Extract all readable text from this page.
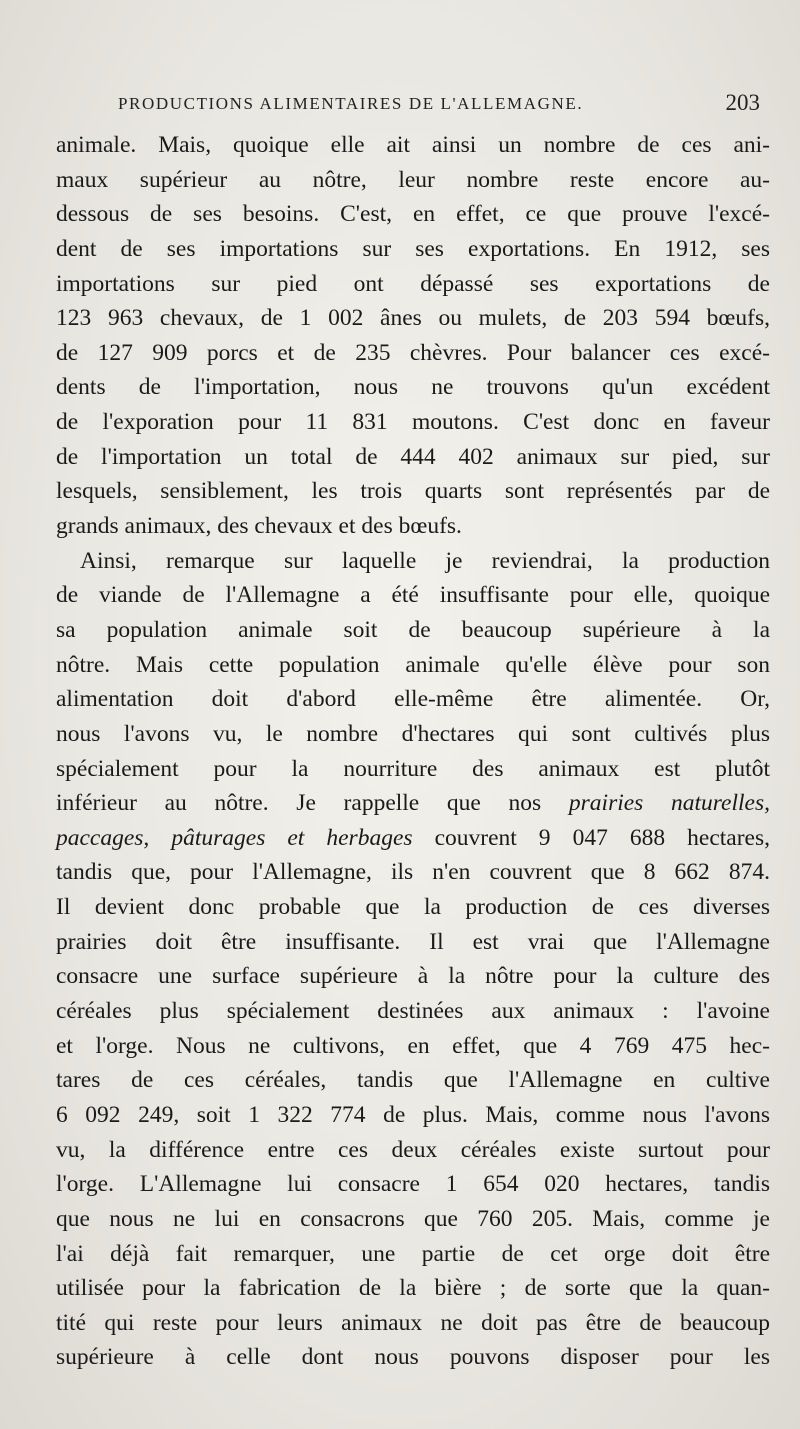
PRODUCTIONS ALIMENTAIRES DE L'ALLEMAGNE.	203
animale. Mais, quoique elle ait ainsi un nombre de ces ani-
maux supérieur au nôtre, leur nombre reste encore au-
dessous de ses besoins. C'est, en effet, ce que prouve l'excé-
dent de ses importations sur ses exportations. En 1912, ses
importations sur pied ont dépassé ses exportations de
123 963 chevaux, de 1 002 ânes ou mulets, de 203 594 bœufs,
de 127 909 porcs et de 235 chèvres. Pour balancer ces excé-
dents de l'importation, nous ne trouvons qu'un excédent
de l'exporation pour 11 831 moutons. C'est donc en faveur
de l'importation un total de 444 402 animaux sur pied, sur
lesquels, sensiblement, les trois quarts sont représentés par de
grands animaux, des chevaux et des bœufs.
Ainsi, remarque sur laquelle je reviendrai, la production
de viande de l'Allemagne a été insuffisante pour elle, quoique
sa population animale soit de beaucoup supérieure à la
nôtre. Mais cette population animale qu'elle élève pour son
alimentation doit d'abord elle-même être alimentée. Or,
nous l'avons vu, le nombre d'hectares qui sont cultivés plus
spécialement pour la nourriture des animaux est plutôt
inférieur au nôtre. Je rappelle que nos prairies naturelles,
paccages, pâturages et herbages couvrent 9 047 688 hectares,
tandis que, pour l'Allemagne, ils n'en couvrent que 8 662 874.
Il devient donc probable que la production de ces diverses
prairies doit être insuffisante. Il est vrai que l'Allemagne
consacre une surface supérieure à la nôtre pour la culture des
céréales plus spécialement destinées aux animaux : l'avoine
et l'orge. Nous ne cultivons, en effet, que 4 769 475 hec-
tares de ces céréales, tandis que l'Allemagne en cultive
6 092 249, soit 1 322 774 de plus. Mais, comme nous l'avons
vu, la différence entre ces deux céréales existe surtout pour
l'orge. L'Allemagne lui consacre 1 654 020 hectares, tandis
que nous ne lui en consacrons que 760 205. Mais, comme je
l'ai déjà fait remarquer, une partie de cet orge doit être
utilisée pour la fabrication de la bière ; de sorte que la quan-
tité qui reste pour leurs animaux ne doit pas être de beaucoup
supérieure à celle dont nous pouvons disposer pour les
